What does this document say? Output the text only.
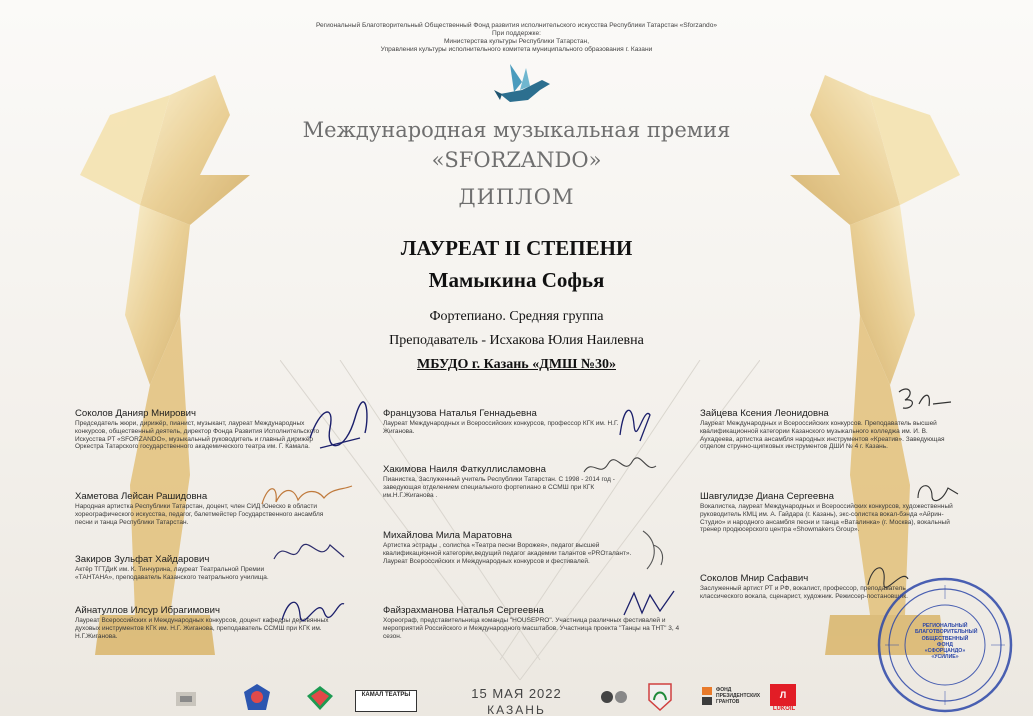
Региональный Благотворительный Общественный Фонд развития исполнительского искусства Республики Татарстан «Sforzando»
При поддержке:
Министерства культуры Республики Татарстан,
Управления культуры исполнительного комитета муниципального образования г. Казани
Международная музыкальная премия
«SFORZANDO»
ДИПЛОМ
ЛАУРЕАТ II СТЕПЕНИ
Мамыкина Софья
Фортепиано. Средняя группа
Преподаватель - Исхакова Юлия Наилевна
МБУДО г. Казань «ДМШ №30»
Соколов Данияр Мнирович
Председатель жюри, дирижёр, пианист, музыкант, лауреат Международных конкурсов, общественный деятель, директор Фонда Развития Исполнительского Искусства РТ «SFORZANDO», музыкальный руководитель и главный дирижёр Оркестра Татарского государственного академического театра им. Г. Камала.
Хаметова Лейсан Рашидовна
Народная артистка Республики Татарстан, доцент, член СИД Юнеско в области хореографического искусства, педагог, балетмейстер Государственного ансамбля песни и танца Республики Татарстан.
Закиров Зульфат Хайдарович
Актёр ТГТДиК им. К. Тинчурина, лауреат Театральной Премии «ТАНТАНА», преподаватель Казанского театрального училища.
Айнатуллов Илсур Ибрагимович
Лауреат Всероссийских и Международных конкурсов, доцент кафедры деревянных духовых инструментов КГК им. Н.Г. Жигановa, преподаватель ССМШ при КГК им. Н.Г.Жиганова.
Французова Наталья Геннадьевна
Лауреат Международных и Всероссийских конкурсов, профессор КГК им. Н.Г. Жиганова.
Хакимова Наиля Фаткуллисламовна
Пианистка, Заслуженный учитель Республики Татарстан. С 1998 - 2014 год - заведующая отделением специального фортепиано в ССМШ при КГК им.Н.Г.Жиганова .
Михайлова Мила Маратовна
Артистка эстрады , солистка «Театра песни Ворожея», педагог высшей квалификационной категории,ведущий педагог академии талантов «PROталант». Лауреат Всероссийских и Международных конкурсов и фестивалей.
Файзрахманова Наталья Сергеевна
Хореограф, представительница команды "HOUSEPRO". Участница различных фестивалей и мероприятий Российского и Международного масштабов. Участница проекта "Танцы на ТНТ" 3, 4 сезон.
Зайцева Ксения Леонидовна
Лауреат Международных и Всероссийских конкурсов. Преподаватель высшей квалификационной категории Казанского музыкального колледжа им. И. В. Аухадеева, артистка ансамбля народных инструментов «Креатив». Заведующая отделом струнно-щипковых инструментов ДШИ № 4 г. Казань.
Шавгулидзе Диана Сергеевна
Вокалистка, лауреат Международных и Всероссийских конкурсов, художественный руководитель КМЦ им. А. Гайдара (г. Казань), экс-солистка вокал-бэнда «Айрин-Студио» и народного ансамбля песни и танца «Вaталинка» (г. Москва), вокальный тренер продюсерского центра «Showmakers Group».
Соколов Мнир Сафавич
Заслуженный артист РТ и РФ, вокалист, профессор, преподаватель классического вокала, сценарист, художник. Режиссер-постановщик.
РЕГИОНАЛЬНЫЙ
БЛАГОТВОРИТЕЛЬНЫЙ
ОБЩЕСТВЕННЫЙ ФОНД
«СФОРЦАНДО»
«УСИЛИЕ»
15 МАЯ 2022
КАЗАНЬ
КАМАЛ ТЕАТРЫ
ФОНД ПРЕЗИДЕНТСКИХ ГРАНТОВ
Л
LUKOIL
